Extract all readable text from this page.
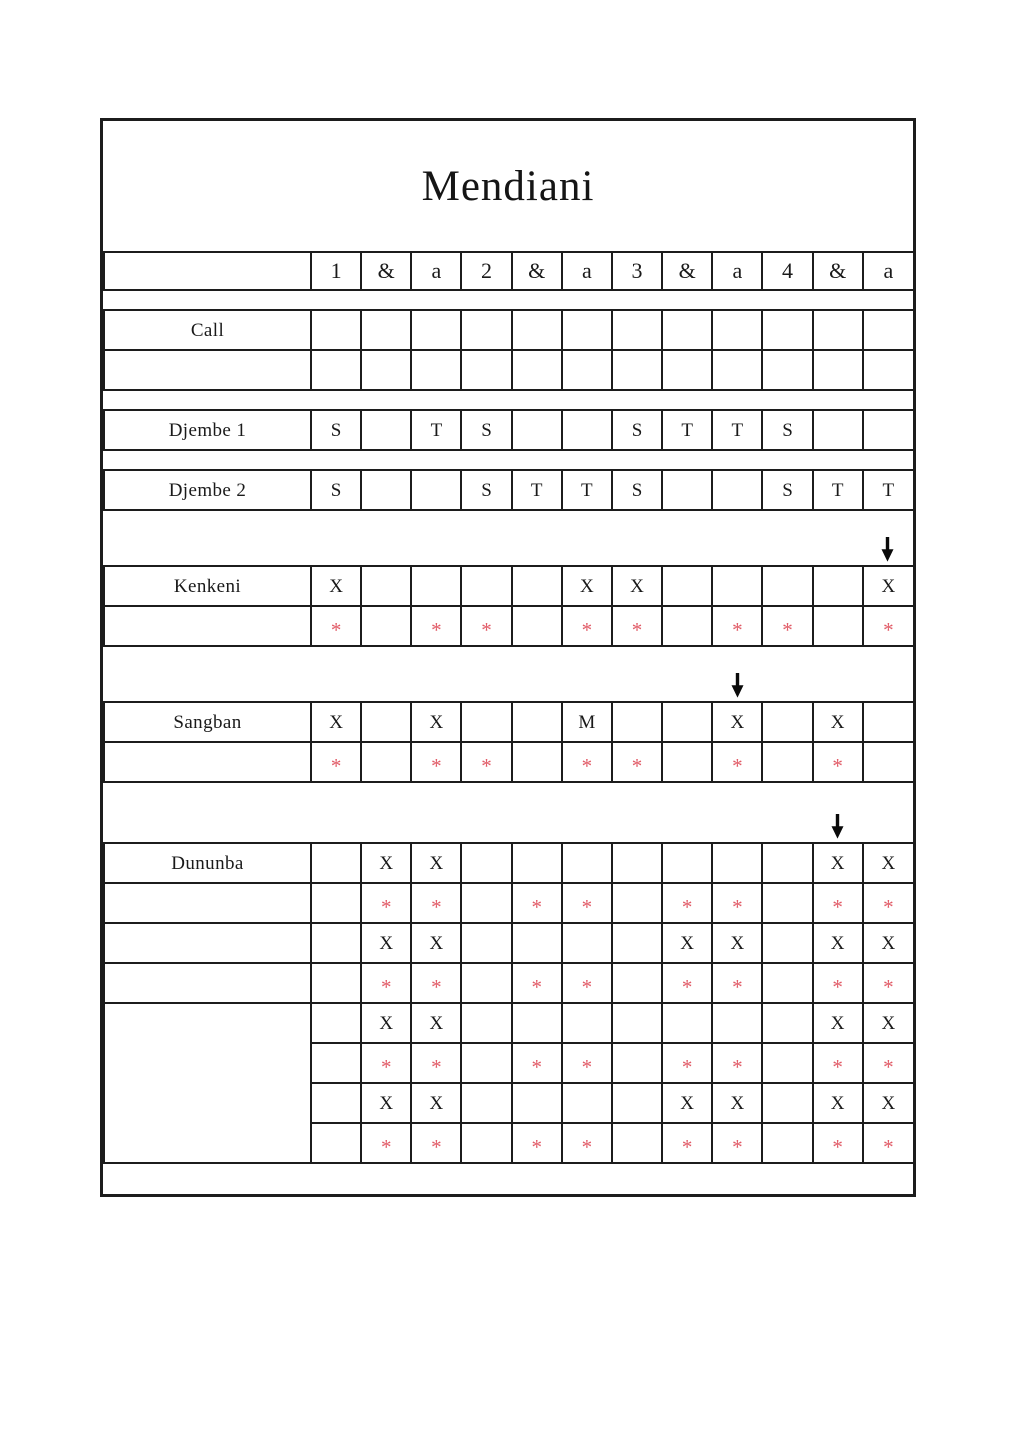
Mendiani
	1	&	a	2	&	a	3	&	a	4	&	a

Call												

Djembe 1	S		T	S			S	T	T	S		

Djembe 2	S			S	T	T	S			S	T	T

Kenkeni	X					X	X					X
	*		*	*		*	*		*	*		*

Sangban	X		X			M			X		X	
	*		*	*		*	*		*		*	

Dununba		X	X								X	X
		*	*		*	*		*	*		*	*
		X	X					X	X		X	X
		*	*		*	*		*	*		*	*
		X	X								X	X
		*	*		*	*		*	*		*	*
		X	X					X	X		X	X
		*	*		*	*		*	*		*	*
